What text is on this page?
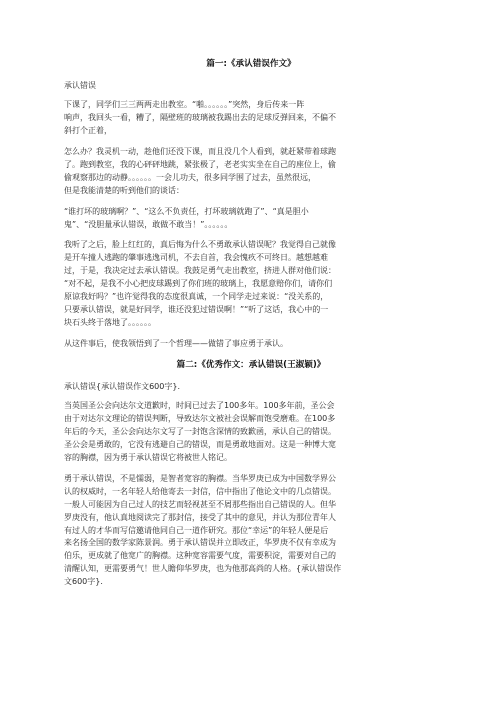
篇一:《承认错误作文》
承认错误
下课了，同学们三三两两走出教室。“啪。。。。。。”突然，身后传来一阵
响声，我回头一看，糟了，隔壁班的玻璃被我踢出去的足球反弹回来，不偏不
斜打个正着，
怎么办？我灵机一动，趁他们还没下课，而且没几个人看到，就赶紧带着球跑
了。跑到教室，我的心砰砰地跳，紧张极了，老老实实坐在自己的座位上，偷
偷观察那边的动静。。。。。。一会儿功夫，很多同学围了过去，虽然很远，
但是我能清楚的听到他们的谈话：
“谁打坏的玻璃啊？”、“这么不负责任，打坏玻璃就跑了”、“真是胆小
鬼”、“没胆量承认错误，敢做不敢当！”。。。。。。
我听了之后，脸上红红的，真后悔为什么不勇敢承认错误呢？我觉得自己就像
是开车撞人逃跑的肇事逃逸司机，不去自首，我会愧疚不可终日。越想越难
过，于是，我决定过去承认错误。我鼓足勇气走出教室，挤进人群对他们说：
“对不起，是我不小心把皮球踢到了你们班的玻璃上，我愿意赔你们，请你们
原谅我好吗？”也许觉得我的态度很真诚，一个同学走过来说：“没关系的，
只要承认错误，就是好同学，谁还没犯过错误啊！”“听了这话，我心中的一
块石头终于落地了。。。。。。
从这件事后，使我领悟到了一个哲理——做错了事应勇于承认。
篇二:《优秀作文：承认错误(王淑颖)》
承认错误{承认错误作文600字}.
当英国圣公会向达尔文道歉时，时间已过去了100多年。100多年前，圣公会
由于对达尔文理论的错误判断，导致达尔文被社会误解而饱受磨难。在100多
年后的今天，圣公会向达尔文写了一封饱含深情的致歉函，承认自己的错误。
圣公会是勇敢的，它没有逃避自己的错误，而是勇敢地面对。这是一种博大宽
容的胸襟，因为勇于承认错误它将被世人铭记。
勇于承认错误，不是懦弱，是智者宽容的胸襟。当华罗庚已成为中国数学界公
认的权威时，一名年轻人给他寄去一封信，信中指出了他论文中的几点错误。
一般人可能因为自己过人的技艺而轻视甚至不屑那些指出自己错误的人。但华
罗庚没有，他认真地阅读完了那封信，接受了其中的意见，并认为那位青年人
有过人的才华而写信邀请他同自己一道作研究。那位“幸运”的年轻人便是后
来名扬全国的数学家陈景润。勇于承认错误并立即改正，华罗庚不仅有幸成为
伯乐，更成就了他宽广的胸襟。这种宽容需要气度，需要积淀，需要对自己的
清醒认知，更需要勇气！世人瞻仰华罗庚，也为他那高尚的人格。{承认错误作
文600字}.
